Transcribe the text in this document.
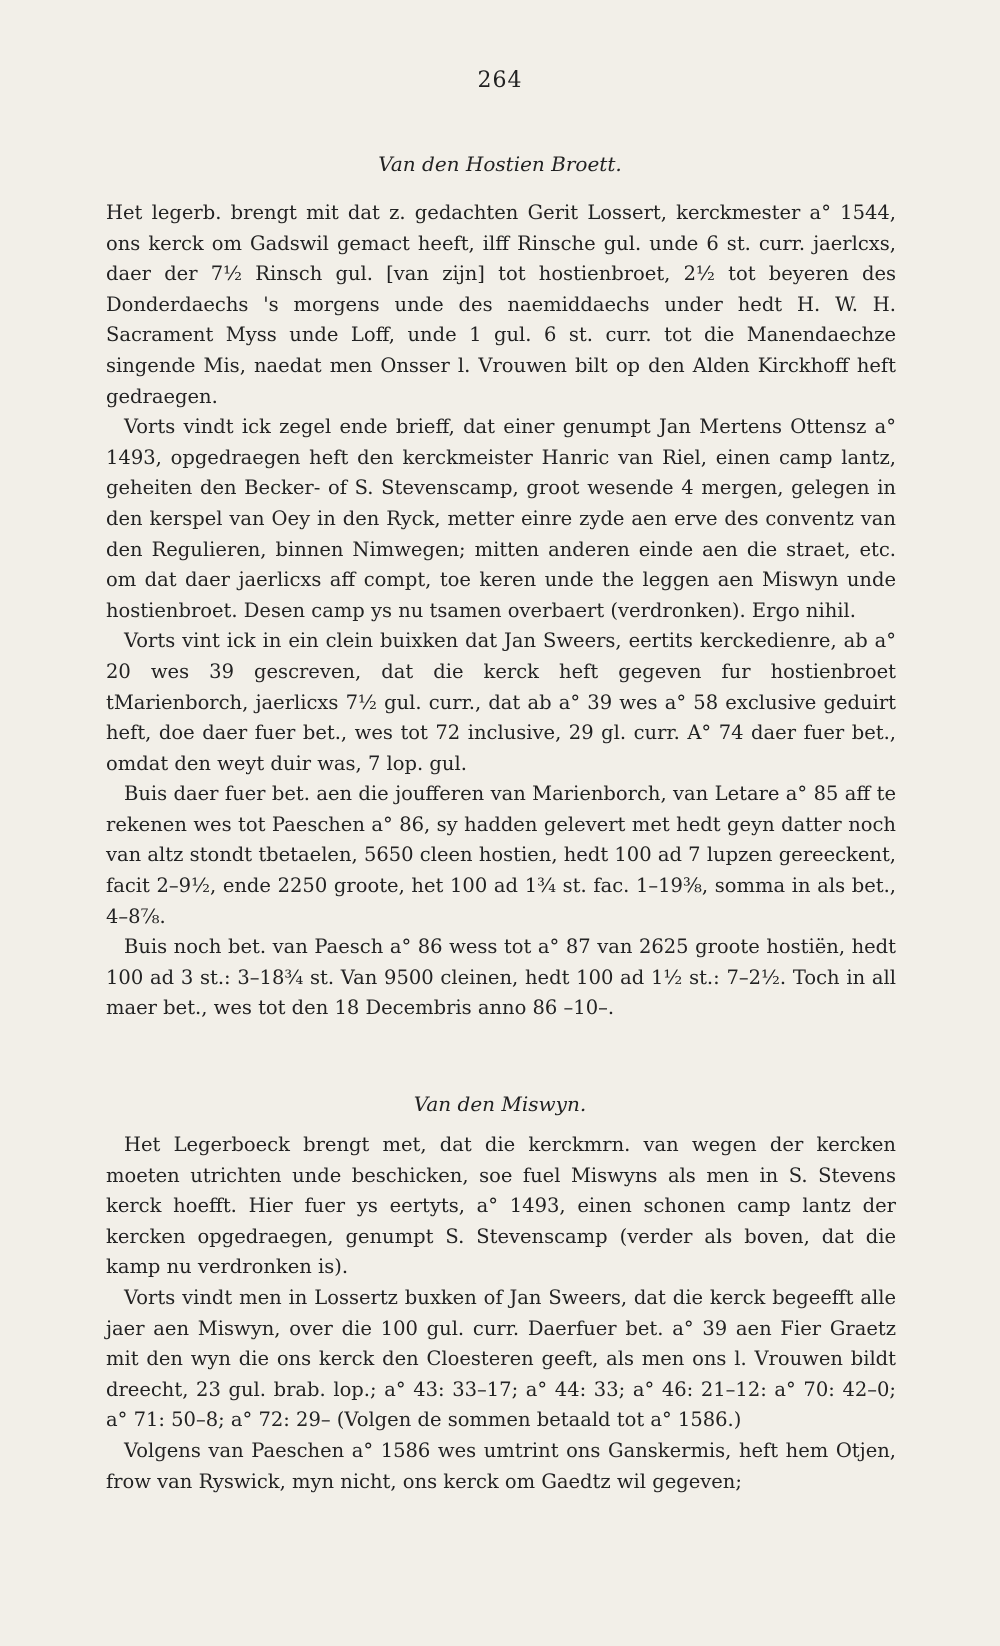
264
Van den Hostien Broett.

Het legerb. brengt mit dat z. gedachten Gerit Lossert, kerckmester a° 1544, ons kerck om Gadswil gemact heeft, ilff Rinsche gul. unde 6 st. curr. jaerlcxs, daer der 7½ Rinsch gul. [van zijn] tot hostienbroet, 2½ tot beyeren des Donderdaechs 's morgens unde des naemiddaechs under hedt H. W. H. Sacrament Myss unde Loff, unde 1 gul. 6 st. curr. tot die Manendaechze singende Mis, naedat men Onsser l. Vrouwen bilt op den Alden Kirckhoff heft gedraegen.

Vorts vindt ick zegel ende brieff, dat einer genumpt Jan Mertens Ottensz a° 1493, opgedraegen heft den kerckmeister Hanric van Riel, einen camp lantz, geheiten den Becker- of S. Stevenscamp, groot wesende 4 mergen, gelegen in den kerspel van Oey in den Ryck, metter einre zyde aen erve des conventz van den Regulieren, binnen Nimwegen; mitten anderen einde aen die straet, etc. om dat daer jaerlicxs aff compt, toe keren unde the leggen aen Miswyn unde hostienbroet. Desen camp ys nu tsamen overbaert (verdronken). Ergo nihil.

Vorts vint ick in ein clein buixken dat Jan Sweers, eertits kerckedienre, ab a° 20 wes 39 gescreven, dat die kerck heft gegeven fur hostienbroet tMarienborch, jaerlicxs 7½ gul. curr., dat ab a° 39 wes a° 58 exclusive geduirt heft, doe daer fuer bet., wes tot 72 inclusive, 29 gl. curr. A° 74 daer fuer bet., omdat den weyt duir was, 7 lop. gul.

Buis daer fuer bet. aen die joufferen van Marienborch, van Letare a° 85 aff te rekenen wes tot Paeschen a° 86, sy hadden gelevert met hedt geyn datter noch van altz stondt tbetaelen, 5650 cleen hostien, hedt 100 ad 7 lupzen gereeckent, facit 2–9½, ende 2250 groote, het 100 ad 1¾ st. fac. 1–19⅜, somma in als bet., 4–8⅞.

Buis noch bet. van Paesch a° 86 wess tot a° 87 van 2625 groote hostiën, hedt 100 ad 3 st.: 3–18¾ st. Van 9500 cleinen, hedt 100 ad 1½ st.: 7–2½. Toch in all maer bet., wes tot den 18 Decembris anno 86 –10–.

Van den Miswyn.

Het Legerboeck brengt met, dat die kerckmrn. van wegen der kercken moeten utrichten unde beschicken, soe fuel Miswyns als men in S. Stevens kerck hoefft. Hier fuer ys eertyts, a° 1493, einen schonen camp lantz der kercken opgedraegen, genumpt S. Stevenscamp (verder als boven, dat die kamp nu verdronken is).

Vorts vindt men in Lossertz buxken of Jan Sweers, dat die kerck begeefft alle jaer aen Miswyn, over die 100 gul. curr. Daerfuer bet. a° 39 aen Fier Graetz mit den wyn die ons kerck den Cloesteren geeft, als men ons l. Vrouwen bildt dreecht, 23 gul. brab. lop.; a° 43: 33–17; a° 44: 33; a° 46: 21–12: a° 70: 42–0; a° 71: 50–8; a° 72: 29– (Volgen de sommen betaald tot a° 1586.)

Volgens van Paeschen a° 1586 wes umtrint ons Ganskermis, heft hem Otjen, frow van Ryswick, myn nicht, ons kerck om Gaedtz wil gegeven;
